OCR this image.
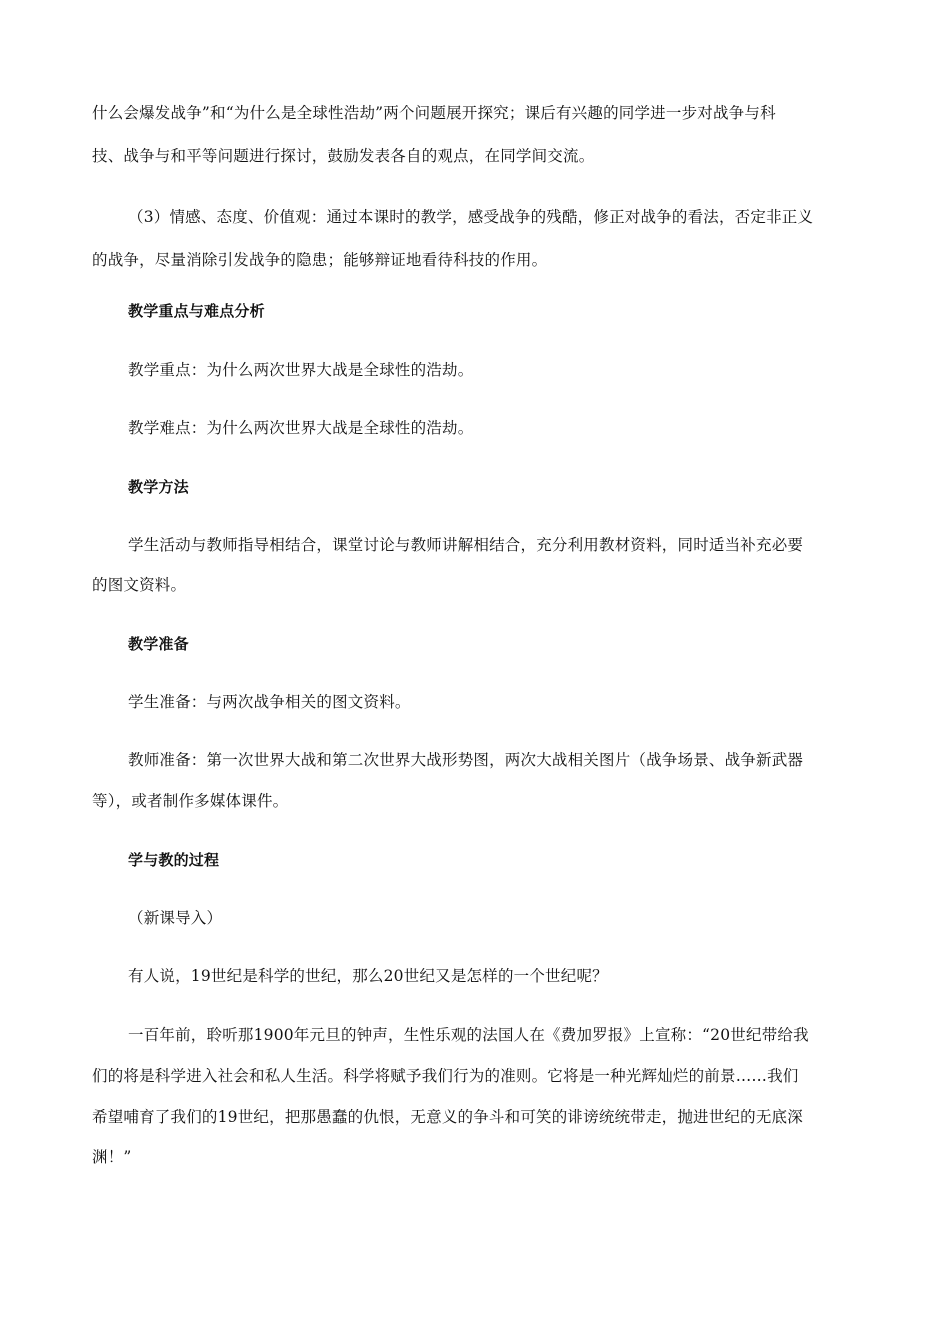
什么会爆发战争”和“为什么是全球性浩劫”两个问题展开探究；课后有兴趣的同学进一步对战争与科
技、战争与和平等问题进行探讨，鼓励发表各自的观点，在同学间交流。
（3）情感、态度、价值观：通过本课时的教学，感受战争的残酷，修正对战争的看法，否定非正义
的战争，尽量消除引发战争的隐患；能够辩证地看待科技的作用。
教学重点与难点分析
教学重点：为什么两次世界大战是全球性的浩劫。
教学难点：为什么两次世界大战是全球性的浩劫。
教学方法
学生活动与教师指导相结合，课堂讨论与教师讲解相结合，充分利用教材资料，同时适当补充必要
的图文资料。
教学准备
学生准备：与两次战争相关的图文资料。
教师准备：第一次世界大战和第二次世界大战形势图，两次大战相关图片（战争场景、战争新武器
等），或者制作多媒体课件。
学与教的过程
（新课导入）
有人说，19世纪是科学的世纪，那么20世纪又是怎样的一个世纪呢？
一百年前，聆听那1900年元旦的钟声，生性乐观的法国人在《费加罗报》上宣称：“20世纪带给我
们的将是科学进入社会和私人生活。科学将赋予我们行为的准则。它将是一种光辉灿烂的前景……我们
希望哺育了我们的19世纪，把那愚蠢的仇恨，无意义的争斗和可笑的诽谤统统带走，抛进世纪的无底深
渊！”
